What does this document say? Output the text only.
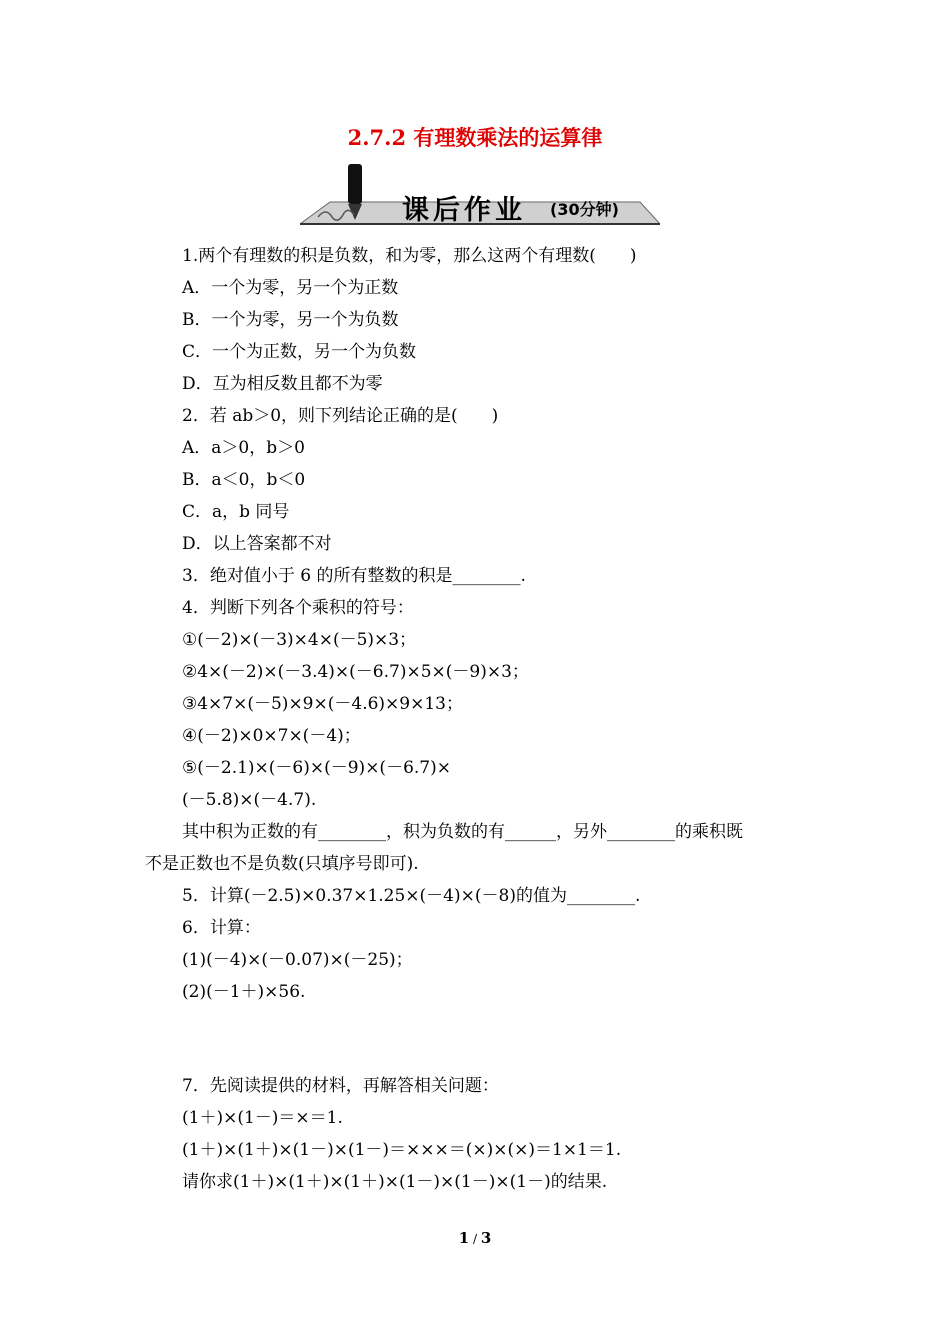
2.7.2 有理数乘法的运算律
课后作业 (30分钟)
1.两个有理数的积是负数，和为零，那么这两个有理数(　　)
A．一个为零，另一个为正数
B．一个为零，另一个为负数
C．一个为正数，另一个为负数
D．互为相反数且都不为零
2．若 ab＞0，则下列结论正确的是(　　)
A．a＞0，b＞0
B．a＜0，b＜0
C．a，b 同号
D．以上答案都不对
3．绝对值小于 6 的所有整数的积是________.
4．判断下列各个乘积的符号：
①(－2)×(－3)×4×(－5)×3；
②4×(－2)×(－3.4)×(－6.7)×5×(－9)×3；
③4×7×(－5)×9×(－4.6)×9×13；
④(－2)×0×7×(－4)；
⑤(－2.1)×(－6)×(－9)×(－6.7)×
(－5.8)×(－4.7).
其中积为正数的有________，积为负数的有______，另外________的乘积既
不是正数也不是负数(只填序号即可).
5．计算(－2.5)×0.37×1.25×(－4)×(－8)的值为________.
6．计算：
(1)(－4)×(－0.07)×(－25)；
(2)(－1＋)×56.
7．先阅读提供的材料，再解答相关问题：
(1＋)×(1－)＝×＝1.
(1＋)×(1＋)×(1－)×(1－)＝×××＝(×)×(×)＝1×1＝1.
请你求(1＋)×(1＋)×(1＋)×(1－)×(1－)×(1－)的结果.
1 / 3
